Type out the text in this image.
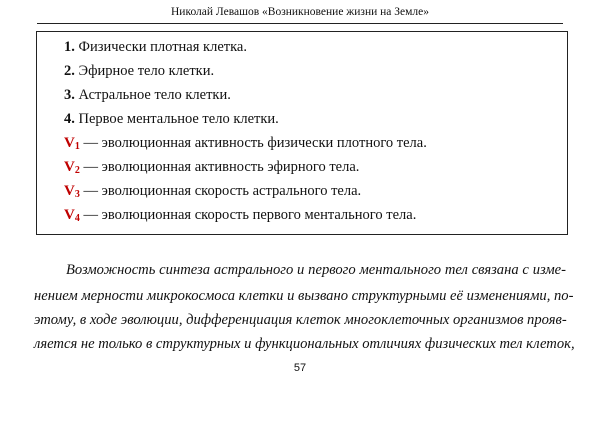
Николай Левашов «Возникновение жизни на Земле»
1. Физически плотная клетка.
2. Эфирное тело клетки.
3. Астральное тело клетки.
4. Первое ментальное тело клетки.
$V_1$ — эволюционная активность физически плотного тела.
$V_2$ — эволюционная активность эфирного тела.
$V_3$ — эволюционная скорость астрального тела.
$V_4$ — эволюционная скорость первого ментального тела.
Возможность синтеза астрального и первого ментального тел связана с изме-
нением мерности микрокосмоса клетки и вызвано структурными её изменениями, по-
этому, в ходе эволюции, дифференциация клеток многоклеточных организмов прояв-
ляется не только в структурных и функциональных отличиях физических тел клеток,
57
